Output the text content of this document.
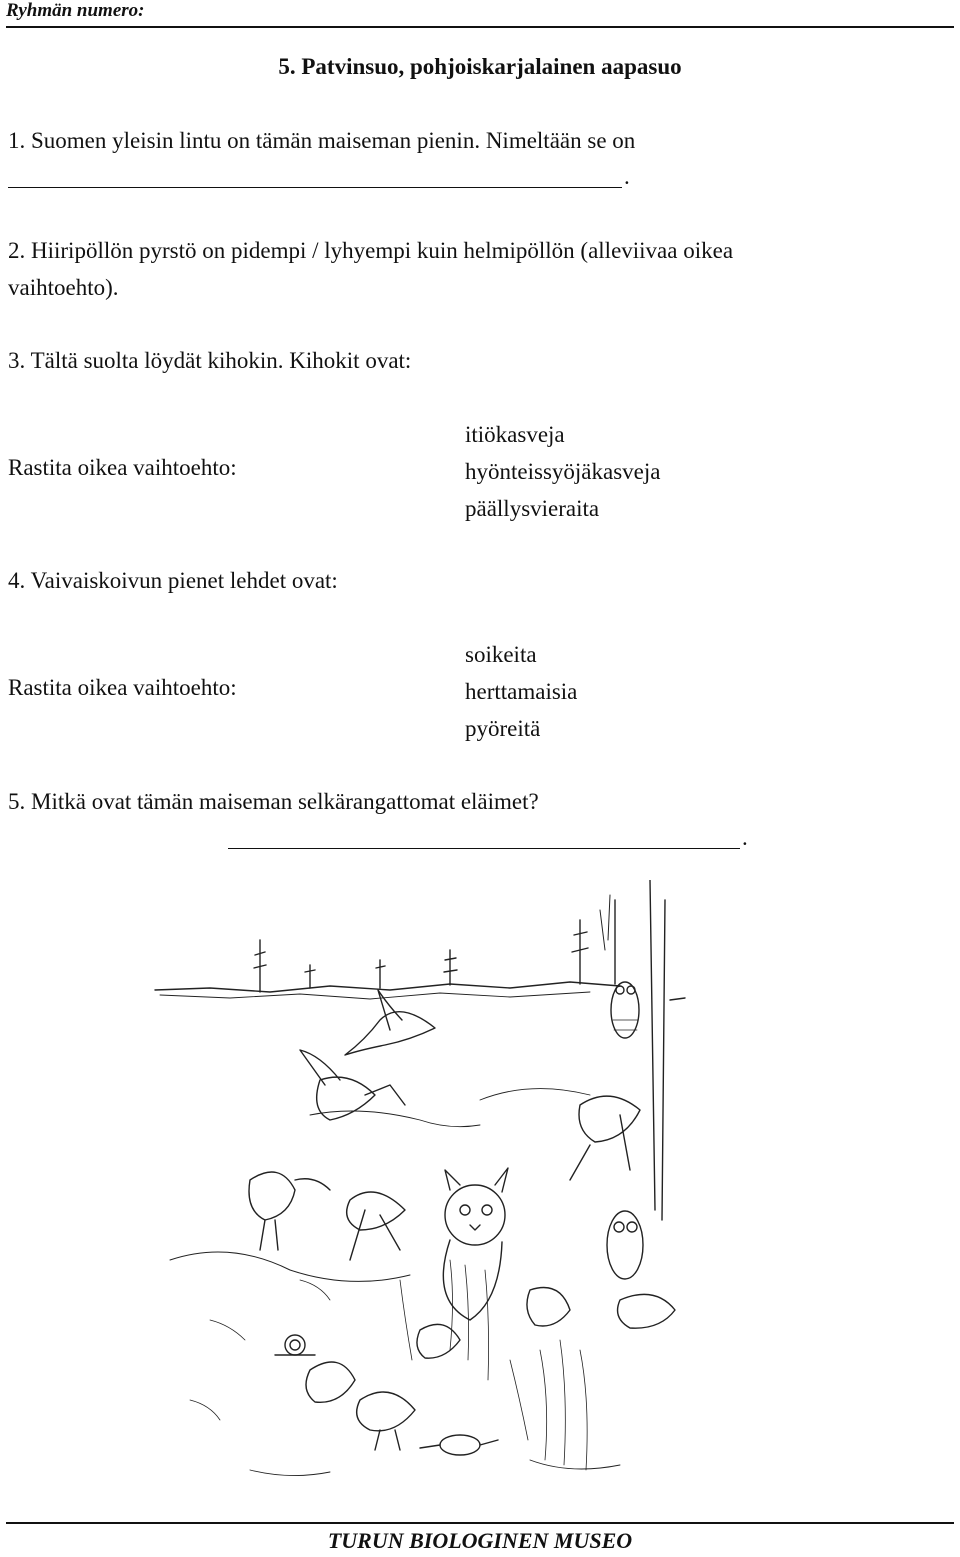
Ryhmän numero:
5. Patvinsuo, pohjoiskarjalainen aapasuo
1. Suomen yleisin lintu on tämän maiseman pienin. Nimeltään se on
.
2. Hiiripöllön pyrstö on pidempi / lyhyempi kuin helmipöllön (alleviivaa oikea
vaihtoehto).
3. Tältä suolta löydät kihokin. Kihokit ovat:
Rastita oikea vaihtoehto:
itiökasveja
hyönteissyöjäkasveja
päällysvieraita
4. Vaivaiskoivun pienet lehdet ovat:
Rastita oikea vaihtoehto:
soikeita
herttamaisia
pyöreitä
5. Mitkä ovat tämän maiseman selkärangattomat eläimet?
.
TURUN BIOLOGINEN MUSEO
